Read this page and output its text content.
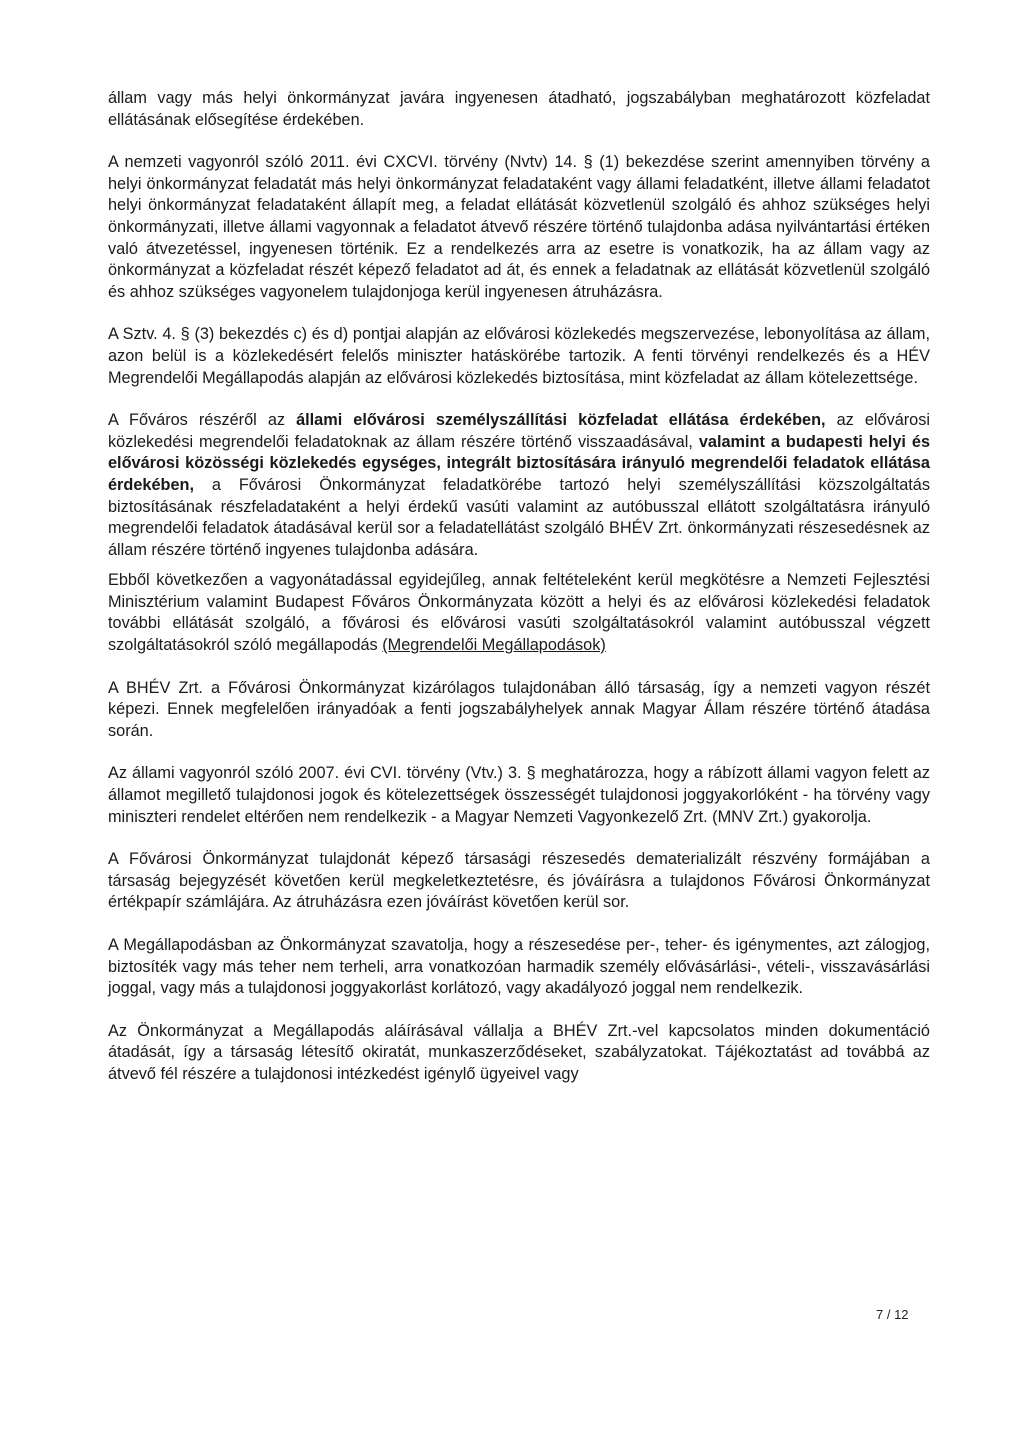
állam vagy más helyi önkormányzat javára ingyenesen átadható, jogszabályban meghatározott közfeladat ellátásának elősegítése érdekében.

A nemzeti vagyonról szóló 2011. évi CXCVI. törvény (Nvtv) 14. § (1) bekezdése szerint amennyiben törvény a helyi önkormányzat feladatát más helyi önkormányzat feladataként vagy állami feladatként, illetve állami feladatot helyi önkormányzat feladataként állapít meg, a feladat ellátását közvetlenül szolgáló és ahhoz szükséges helyi önkormányzati, illetve állami vagyonnak a feladatot átvevő részére történő tulajdonba adása nyilvántartási értéken való átvezetéssel, ingyenesen történik. Ez a rendelkezés arra az esetre is vonatkozik, ha az állam vagy az önkormányzat a közfeladat részét képező feladatot ad át, és ennek a feladatnak az ellátását közvetlenül szolgáló és ahhoz szükséges vagyonelem tulajdonjoga kerül ingyenesen átruházásra.

A Sztv. 4. § (3) bekezdés c) és d) pontjai alapján az elővárosi közlekedés megszervezése, lebonyolítása az állam, azon belül is a közlekedésért felelős miniszter hatáskörébe tartozik. A fenti törvényi rendelkezés és a HÉV Megrendelői Megállapodás alapján az elővárosi közlekedés biztosítása, mint közfeladat az állam kötelezettsége.

A Főváros részéről az állami elővárosi személyszállítási közfeladat ellátása érdekében, az elővárosi közlekedési megrendelői feladatoknak az állam részére történő visszaadásával, valamint a budapesti helyi és elővárosi közösségi közlekedés egységes, integrált biztosítására irányuló megrendelői feladatok ellátása érdekében, a Fővárosi Önkormányzat feladatkörébe tartozó helyi személyszállítási közszolgáltatás biztosításának részfeladataként a helyi érdekű vasúti valamint az autóbusszal ellátott szolgáltatásra irányuló megrendelői feladatok átadásával kerül sor a feladatellátást szolgáló BHÉV Zrt. önkormányzati részesedésnek az állam részére történő ingyenes tulajdonba adására.

Ebből következően a vagyonátadással egyidejűleg, annak feltételeként kerül megkötésre a Nemzeti Fejlesztési Minisztérium valamint Budapest Főváros Önkormányzata között a helyi és az elővárosi közlekedési feladatok további ellátását szolgáló, a fővárosi és elővárosi vasúti szolgáltatásokról valamint autóbusszal végzett szolgáltatásokról szóló megállapodás (Megrendelői Megállapodások)

A BHÉV Zrt. a Fővárosi Önkormányzat kizárólagos tulajdonában álló társaság, így a nemzeti vagyon részét képezi. Ennek megfelelően irányadóak a fenti jogszabályhelyek annak Magyar Állam részére történő átadása során.

Az állami vagyonról szóló 2007. évi CVI. törvény (Vtv.) 3. § meghatározza, hogy a rábízott állami vagyon felett az államot megillető tulajdonosi jogok és kötelezettségek összességét tulajdonosi joggyakorlóként - ha törvény vagy miniszteri rendelet eltérően nem rendelkezik - a Magyar Nemzeti Vagyonkezelő Zrt. (MNV Zrt.) gyakorolja.

A Fővárosi Önkormányzat tulajdonát képező társasági részesedés dematerializált részvény formájában a társaság bejegyzését követően kerül megkeletkeztetésre, és jóváírásra a tulajdonos Fővárosi Önkormányzat értékpapír számlájára. Az átruházásra ezen jóváírást követően kerül sor.

A Megállapodásban az Önkormányzat szavatolja, hogy a részesedése per-, teher- és igénymentes, azt zálogjog, biztosíték vagy más teher nem terheli, arra vonatkozóan harmadik személy elővásárlási-, vételi-, visszavásárlási joggal, vagy más a tulajdonosi joggyakorlást korlátozó, vagy akadályozó joggal nem rendelkezik.

Az Önkormányzat a Megállapodás aláírásával vállalja a BHÉV Zrt.-vel kapcsolatos minden dokumentáció átadását, így a társaság létesítő okiratát, munkaszerződéseket, szabályzatokat. Tájékoztatást ad továbbá az átvevő fél részére a tulajdonosi intézkedést igénylő ügyeivel vagy

7 / 12
